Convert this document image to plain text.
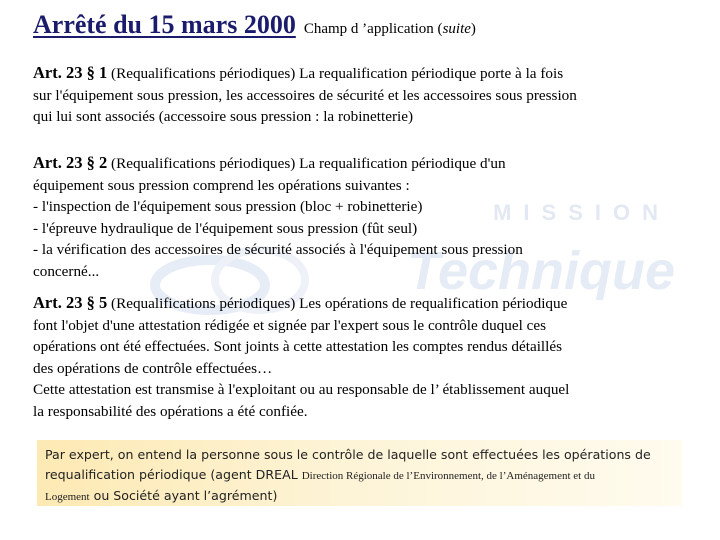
MISSION
Technique
Arrêté du 15 mars 2000 Champ d ’application (suite)
Art. 23 § 1 (Requalifications périodiques) La requalification périodique porte à la fois
sur l'équipement sous pression, les accessoires de sécurité et les accessoires sous pression
qui lui sont associés (accessoire sous pression : la robinetterie)
Art. 23 § 2 (Requalifications périodiques) La requalification périodique d'un
équipement sous pression comprend les opérations suivantes :
- l'inspection de l'équipement sous pression (bloc + robinetterie)
- l'épreuve hydraulique de l'équipement sous pression (fût seul)
- la vérification des accessoires de sécurité associés à l'équipement sous pression
concerné...
Art. 23 § 5 (Requalifications périodiques) Les opérations de requalification périodique
font l'objet d'une attestation rédigée et signée par l'expert sous le contrôle duquel ces
opérations ont été effectuées. Sont joints à cette attestation les comptes rendus détaillés
des opérations de contrôle effectuées…
Cette attestation est transmise à l'exploitant ou au responsable de l’ établissement auquel
la responsabilité des opérations a été confiée.
Par expert, on entend la personne sous le contrôle de laquelle sont effectuées les opérations de
requalification périodique (agent DREAL Direction Régionale de l’Environnement, de l’Aménagement et du
Logement ou Société ayant l’agrément)
